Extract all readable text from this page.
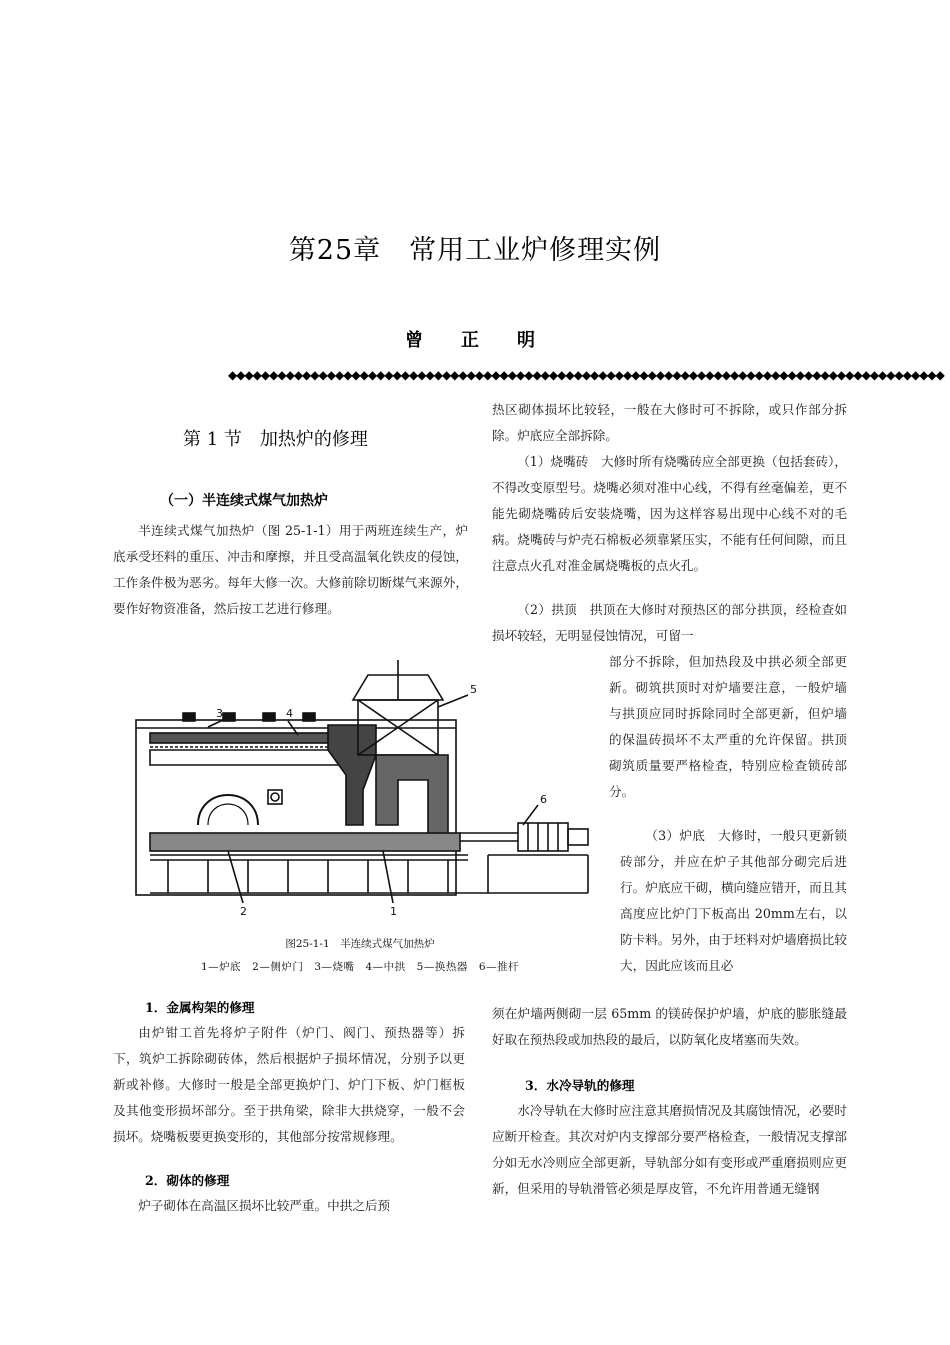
第25章　常用工业炉修理实例
曾　正　明
◆◆◆◆◆◆◆◆◆◆◆◆◆◆◆◆◆◆◆◆◆◆◆◆◆◆◆◆◆◆◆◆◆◆◆◆◆◆◆◆◆◆◆◆◆◆◆◆◆◆◆◆◆◆◆◆◆◆◆◆◆◆◆◆◆◆◆◆◆◆◆◆◆◆◆◆◆◆◆◆◆◆◆◆◆◆◆
第 1 节　加热炉的修理
（一）半连续式煤气加热炉
半连续式煤气加热炉（图 25-1-1）用于两班连续生产，炉底承受坯料的重压、冲击和摩擦，并且受高温氧化铁皮的侵蚀，工作条件极为恶劣。每年大修一次。大修前除切断煤气来源外，要作好物资准备，然后按工艺进行修理。
3	4
5
6
2	1
图25-1-1　半连续式煤气加热炉
1—炉底　2—侧炉门　3—烧嘴　4—中拱　5—换热器　6—推杆
1．金属构架的修理
由炉钳工首先将炉子附件（炉门、阀门、预热器等）拆下，筑炉工拆除砌砖体，然后根据炉子损坏情况，分别予以更新或补修。大修时一般是全部更换炉门、炉门下板、炉门框板及其他变形损坏部分。至于拱角梁，除非大拱烧穿，一般不会损坏。烧嘴板要更换变形的，其他部分按常规修理。
2．砌体的修理
炉子砌体在高温区损坏比较严重。中拱之后预
热区砌体损坏比较轻，一般在大修时可不拆除，或只作部分拆除。炉底应全部拆除。
（1）烧嘴砖　大修时所有烧嘴砖应全部更换（包括套砖），不得改变原型号。烧嘴必须对准中心线，不得有丝毫偏差，更不能先砌烧嘴砖后安装烧嘴，因为这样容易出现中心线不对的毛病。烧嘴砖与炉壳石棉板必须靠紧压实，不能有任何间隙，而且注意点火孔对准金属烧嘴板的点火孔。
（2）拱顶　拱顶在大修时对预热区的部分拱顶，经检查如损坏较轻，无明显侵蚀情况，可留一
部分不拆除，但加热段及中拱必须全部更新。砌筑拱顶时对炉墙要注意，一般炉墙与拱顶应同时拆除同时全部更新，但炉墙的保温砖损坏不太严重的允许保留。拱顶砌筑质量要严格检查，特别应检查锁砖部分。
（3）炉底　大修时，一般只更新锁砖部分，并应在炉子其他部分砌完后进行。炉底应干砌，横向缝应错开，而且其高度应比炉门下板高出 20mm左右，以防卡料。另外，由于坯料对炉墙磨损比较大，因此应该而且必
须在炉墙两侧砌一层 65mm 的镁砖保护炉墙，炉底的膨胀缝最好取在预热段或加热段的最后，以防氧化皮堵塞而失效。
3．水冷导轨的修理
水冷导轨在大修时应注意其磨损情况及其腐蚀情况，必要时应断开检查。其次对炉内支撑部分要严格检查，一般情况支撑部分如无水冷则应全部更新，导轨部分如有变形或严重磨损则应更新，但采用的导轨滑管必须是厚皮管，不允许用普通无缝钢
